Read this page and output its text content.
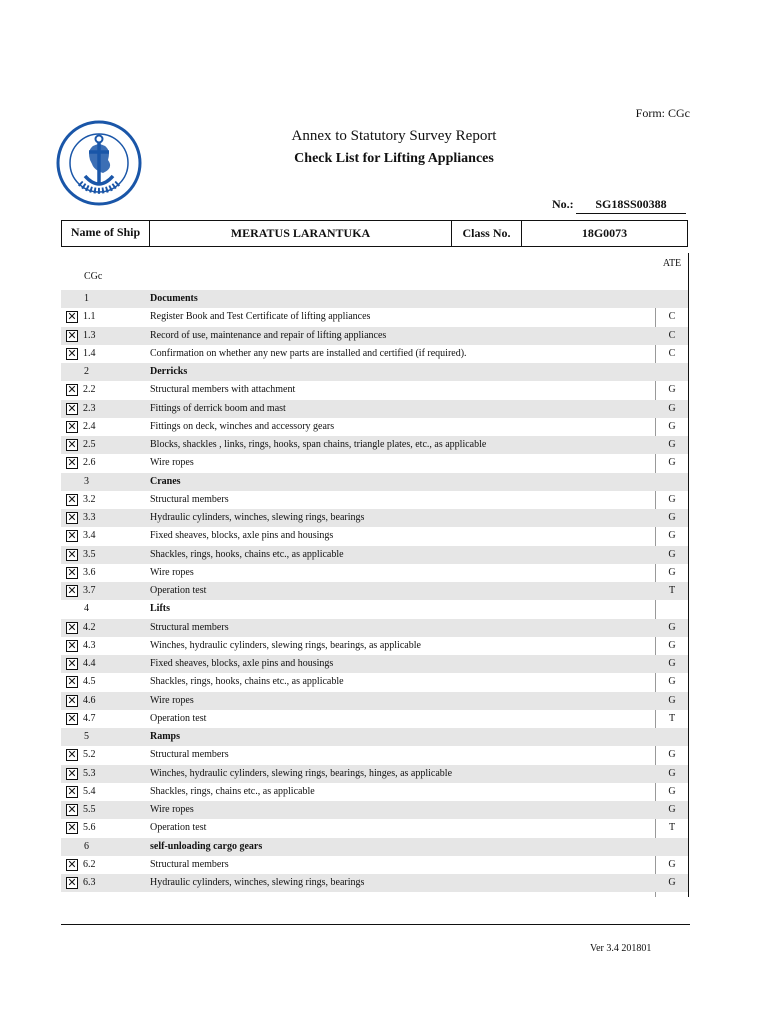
Form: CGc
Annex to Statutory Survey Report
Check List for Lifting Appliances
No.:	SG18SS00388
Name of Ship	MERATUS LARANTUKA	Class No.	18G0073
ATE
CGc
1	Documents
✕ 1.1	Register Book and Test Certificate of lifting appliances	C
✕ 1.3	Record of use, maintenance and repair of lifting appliances	C
✕ 1.4	Confirmation on whether any new parts are installed and certified (if required).	C
2	Derricks
✕ 2.2	Structural members with attachment	G
✕ 2.3	Fittings of derrick boom and mast	G
✕ 2.4	Fittings on deck, winches and accessory gears	G
✕ 2.5	Blocks, shackles , links, rings, hooks, span chains, triangle plates, etc., as applicable	G
✕ 2.6	Wire ropes	G
3	Cranes
✕ 3.2	Structural members	G
✕ 3.3	Hydraulic cylinders, winches, slewing rings, bearings	G
✕ 3.4	Fixed sheaves, blocks, axle pins and housings	G
✕ 3.5	Shackles, rings, hooks, chains etc., as applicable	G
✕ 3.6	Wire ropes	G
✕ 3.7	Operation test	T
4	Lifts
✕ 4.2	Structural members	G
✕ 4.3	Winches, hydraulic cylinders, slewing rings, bearings, as applicable	G
✕ 4.4	Fixed sheaves, blocks, axle pins and housings	G
✕ 4.5	Shackles, rings, hooks, chains etc., as applicable	G
✕ 4.6	Wire ropes	G
✕ 4.7	Operation test	T
5	Ramps
✕ 5.2	Structural members	G
✕ 5.3	Winches, hydraulic cylinders, slewing rings, bearings, hinges, as applicable	G
✕ 5.4	Shackles, rings, chains etc., as applicable	G
✕ 5.5	Wire ropes	G
✕ 5.6	Operation test	T
6	self-unloading cargo gears
✕ 6.2	Structural members	G
✕ 6.3	Hydraulic cylinders, winches, slewing rings, bearings	G
Ver 3.4 201801
